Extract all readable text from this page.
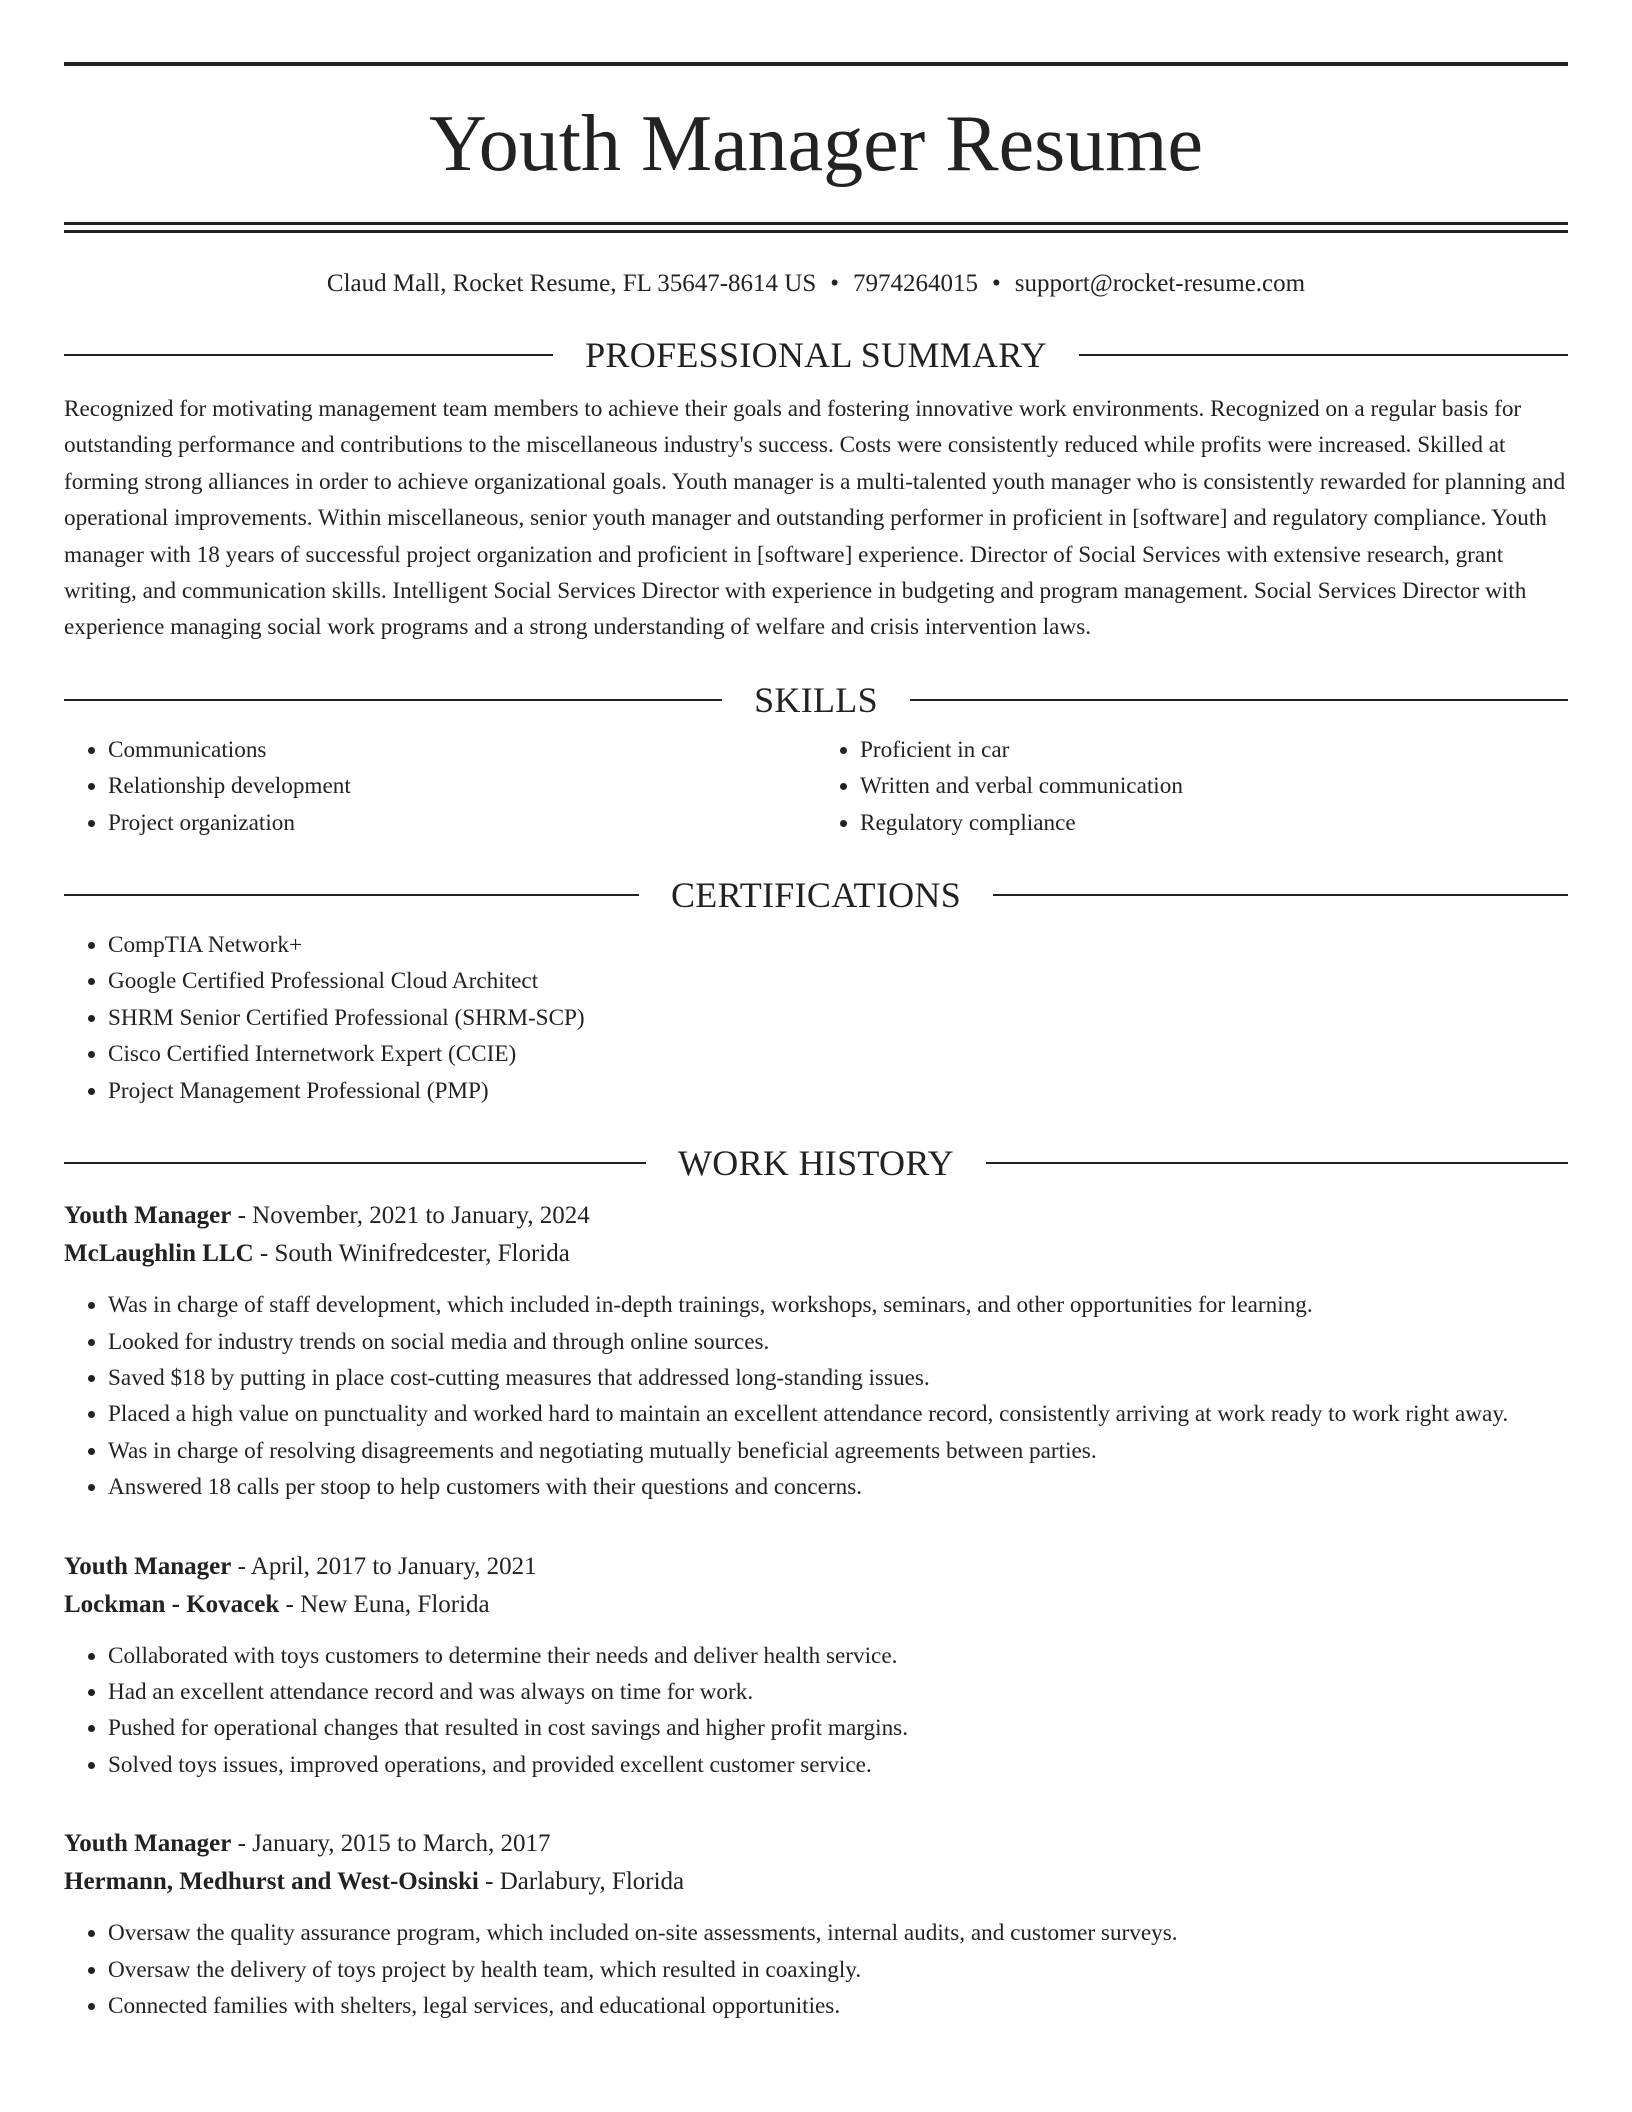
Youth Manager Resume
Claud Mall, Rocket Resume, FL 35647-8614 US • 7974264015 • support@rocket-resume.com
PROFESSIONAL SUMMARY

Recognized for motivating management team members to achieve their goals and fostering innovative work environments. Recognized on a regular basis for outstanding performance and contributions to the miscellaneous industry's success. Costs were consistently reduced while profits were increased. Skilled at forming strong alliances in order to achieve organizational goals. Youth manager is a multi-talented youth manager who is consistently rewarded for planning and operational improvements. Within miscellaneous, senior youth manager and outstanding performer in proficient in [software] and regulatory compliance. Youth manager with 18 years of successful project organization and proficient in [software] experience. Director of Social Services with extensive research, grant writing, and communication skills. Intelligent Social Services Director with experience in budgeting and program management. Social Services Director with experience managing social work programs and a strong understanding of welfare and crisis intervention laws.

SKILLS
• Communications
• Relationship development
• Project organization
• Proficient in car
• Written and verbal communication
• Regulatory compliance
CERTIFICATIONS
• CompTIA Network+
• Google Certified Professional Cloud Architect
• SHRM Senior Certified Professional (SHRM-SCP)
• Cisco Certified Internetwork Expert (CCIE)
• Project Management Professional (PMP)
WORK HISTORY
Youth Manager - November, 2021 to January, 2024
McLaughlin LLC - South Winifredcester, Florida
• Was in charge of staff development, which included in-depth trainings, workshops, seminars, and other opportunities for learning.
• Looked for industry trends on social media and through online sources.
• Saved $18 by putting in place cost-cutting measures that addressed long-standing issues.
• Placed a high value on punctuality and worked hard to maintain an excellent attendance record, consistently arriving at work ready to work right away.
• Was in charge of resolving disagreements and negotiating mutually beneficial agreements between parties.
• Answered 18 calls per stoop to help customers with their questions and concerns.
Youth Manager - April, 2017 to January, 2021
Lockman - Kovacek - New Euna, Florida
• Collaborated with toys customers to determine their needs and deliver health service.
• Had an excellent attendance record and was always on time for work.
• Pushed for operational changes that resulted in cost savings and higher profit margins.
• Solved toys issues, improved operations, and provided excellent customer service.
Youth Manager - January, 2015 to March, 2017
Hermann, Medhurst and West-Osinski - Darlabury, Florida
• Oversaw the quality assurance program, which included on-site assessments, internal audits, and customer surveys.
• Oversaw the delivery of toys project by health team, which resulted in coaxingly.
• Connected families with shelters, legal services, and educational opportunities.
